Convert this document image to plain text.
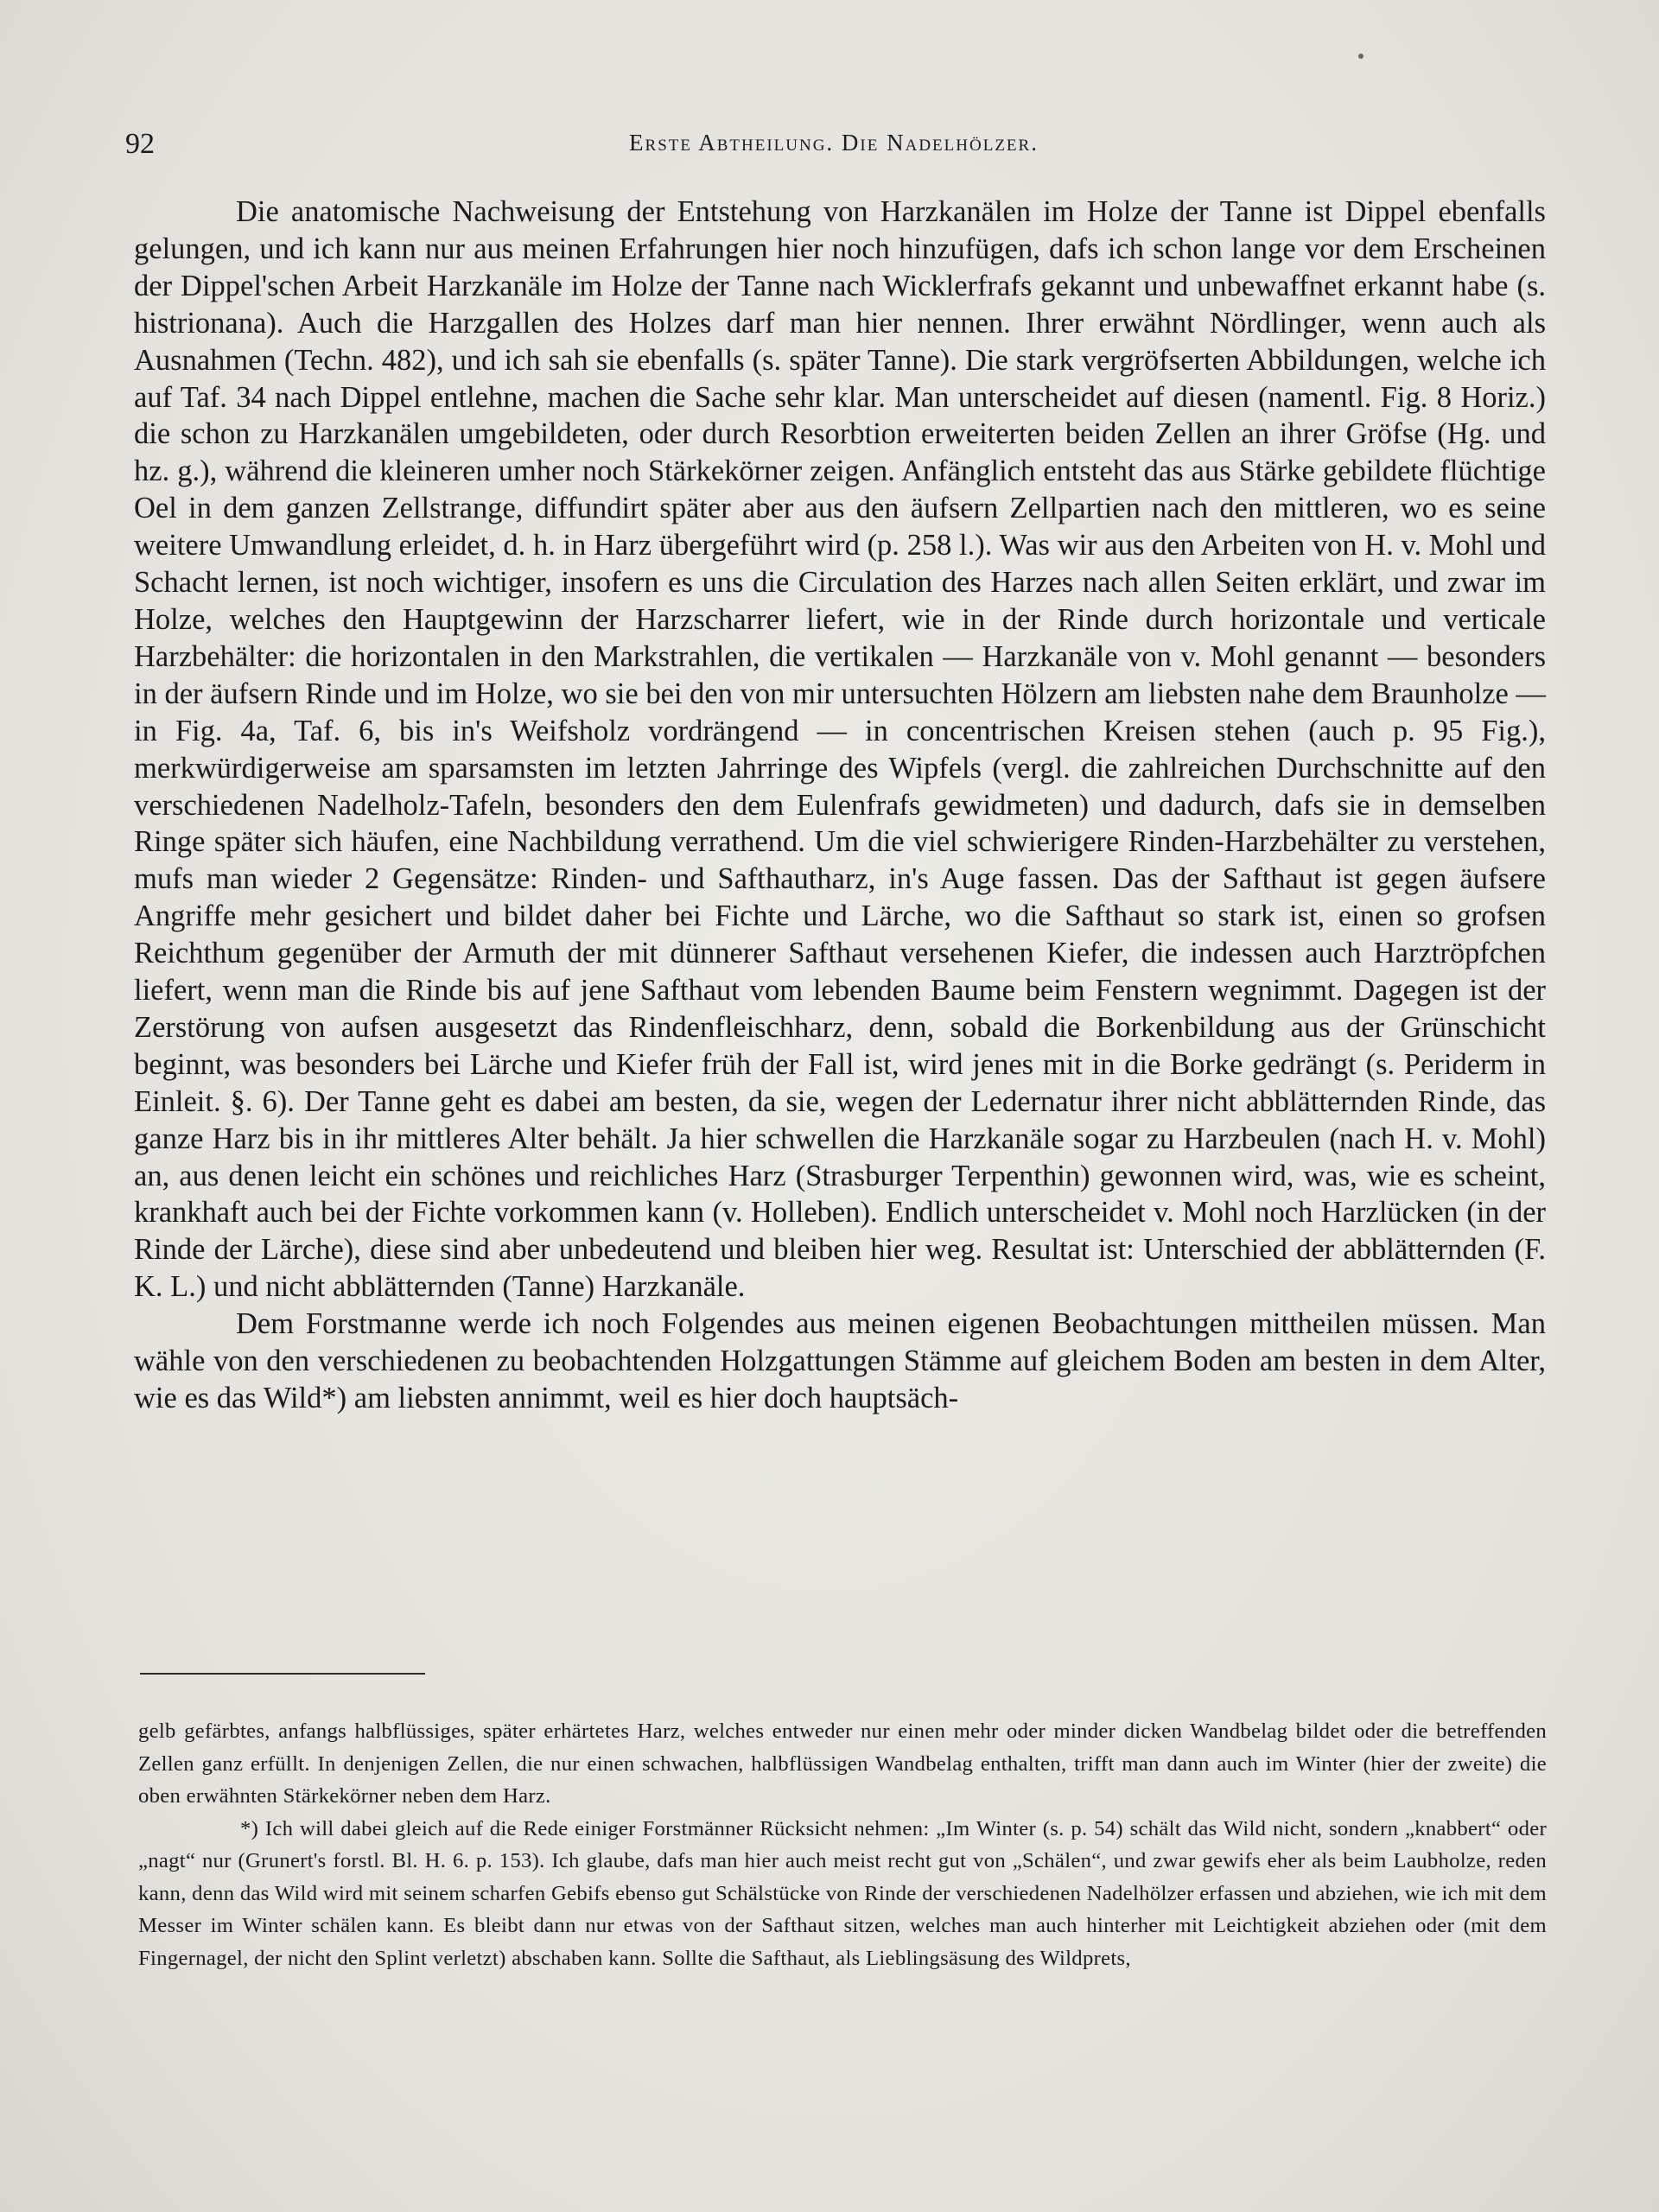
92	Erste Abtheilung. Die Nadelhölzer.

Die anatomische Nachweisung der Entstehung von Harzkanälen im Holze der Tanne ist Dippel ebenfalls gelungen, und ich kann nur aus meinen Erfahrungen hier noch hinzufügen, dafs ich schon lange vor dem Erscheinen der Dippel'schen Arbeit Harzkanäle im Holze der Tanne nach Wicklerfrafs gekannt und unbewaffnet erkannt habe (s. histrionana). Auch die Harzgallen des Holzes darf man hier nennen. Ihrer erwähnt Nördlinger, wenn auch als Ausnahmen (Techn. 482), und ich sah sie ebenfalls (s. später Tanne). Die stark vergröfserten Abbildungen, welche ich auf Taf. 34 nach Dippel entlehne, machen die Sache sehr klar. Man unterscheidet auf diesen (namentl. Fig. 8 Horiz.) die schon zu Harzkanälen umgebildeten, oder durch Resorbtion erweiterten beiden Zellen an ihrer Gröfse (Hg. und hz. g.), während die kleineren umher noch Stärkekörner zeigen. Anfänglich entsteht das aus Stärke gebildete flüchtige Oel in dem ganzen Zellstrange, diffundirt später aber aus den äufsern Zellpartien nach den mittleren, wo es seine weitere Umwandlung erleidet, d. h. in Harz übergeführt wird (p. 258 l.). Was wir aus den Arbeiten von H. v. Mohl und Schacht lernen, ist noch wichtiger, insofern es uns die Circulation des Harzes nach allen Seiten erklärt, und zwar im Holze, welches den Hauptgewinn der Harzscharrer liefert, wie in der Rinde durch horizontale und verticale Harzbehälter: die horizontalen in den Markstrahlen, die vertikalen — Harzkanäle von v. Mohl genannt — besonders in der äufsern Rinde und im Holze, wo sie bei den von mir untersuchten Hölzern am liebsten nahe dem Braunholze — in Fig. 4a, Taf. 6, bis in's Weifsholz vordrängend — in concentrischen Kreisen stehen (auch p. 95 Fig.), merkwürdigerweise am sparsamsten im letzten Jahrringe des Wipfels (vergl. die zahlreichen Durchschnitte auf den verschiedenen Nadelholz-Tafeln, besonders den dem Eulenfrafs gewidmeten) und dadurch, dafs sie in demselben Ringe später sich häufen, eine Nachbildung verrathend. Um die viel schwierigere Rinden-Harzbehälter zu verstehen, mufs man wieder 2 Gegensätze: Rinden- und Safthautharz, in's Auge fassen. Das der Safthaut ist gegen äufsere Angriffe mehr gesichert und bildet daher bei Fichte und Lärche, wo die Safthaut so stark ist, einen so grofsen Reichthum gegenüber der Armuth der mit dünnerer Safthaut versehenen Kiefer, die indessen auch Harztröpfchen liefert, wenn man die Rinde bis auf jene Safthaut vom lebenden Baume beim Fenstern wegnimmt. Dagegen ist der Zerstörung von aufsen ausgesetzt das Rindenfleischharz, denn, sobald die Borkenbildung aus der Grünschicht beginnt, was besonders bei Lärche und Kiefer früh der Fall ist, wird jenes mit in die Borke gedrängt (s. Periderm in Einleit. §. 6). Der Tanne geht es dabei am besten, da sie, wegen der Ledernatur ihrer nicht abblätternden Rinde, das ganze Harz bis in ihr mittleres Alter behält. Ja hier schwellen die Harzkanäle sogar zu Harzbeulen (nach H. v. Mohl) an, aus denen leicht ein schönes und reichliches Harz (Strasburger Terpenthin) gewonnen wird, was, wie es scheint, krankhaft auch bei der Fichte vorkommen kann (v. Holleben). Endlich unterscheidet v. Mohl noch Harzlücken (in der Rinde der Lärche), diese sind aber unbedeutend und bleiben hier weg. Resultat ist: Unterschied der abblätternden (F. K. L.) und nicht abblätternden (Tanne) Harzkanäle.

Dem Forstmanne werde ich noch Folgendes aus meinen eigenen Beobachtungen mittheilen müssen. Man wähle von den verschiedenen zu beobachtenden Holzgattungen Stämme auf gleichem Boden am besten in dem Alter, wie es das Wild*) am liebsten annimmt, weil es hier doch hauptsäch-

gelb gefärbtes, anfangs halbflüssiges, später erhärtetes Harz, welches entweder nur einen mehr oder minder dicken Wandbelag bildet oder die betreffenden Zellen ganz erfüllt. In denjenigen Zellen, die nur einen schwachen, halbflüssigen Wandbelag enthalten, trifft man dann auch im Winter (hier der zweite) die oben erwähnten Stärkekörner neben dem Harz.

*) Ich will dabei gleich auf die Rede einiger Forstmänner Rücksicht nehmen: „Im Winter (s. p. 54) schält das Wild nicht, sondern „knabbert“ oder „nagt“ nur (Grunert's forstl. Bl. H. 6. p. 153). Ich glaube, dafs man hier auch meist recht gut von „Schälen“, und zwar gewifs eher als beim Laubholze, reden kann, denn das Wild wird mit seinem scharfen Gebifs ebenso gut Schälstücke von Rinde der verschiedenen Nadelhölzer erfassen und abziehen, wie ich mit dem Messer im Winter schälen kann. Es bleibt dann nur etwas von der Safthaut sitzen, welches man auch hinterher mit Leichtigkeit abziehen oder (mit dem Fingernagel, der nicht den Splint verletzt) abschaben kann. Sollte die Safthaut, als Lieblingsäsung des Wildprets,
